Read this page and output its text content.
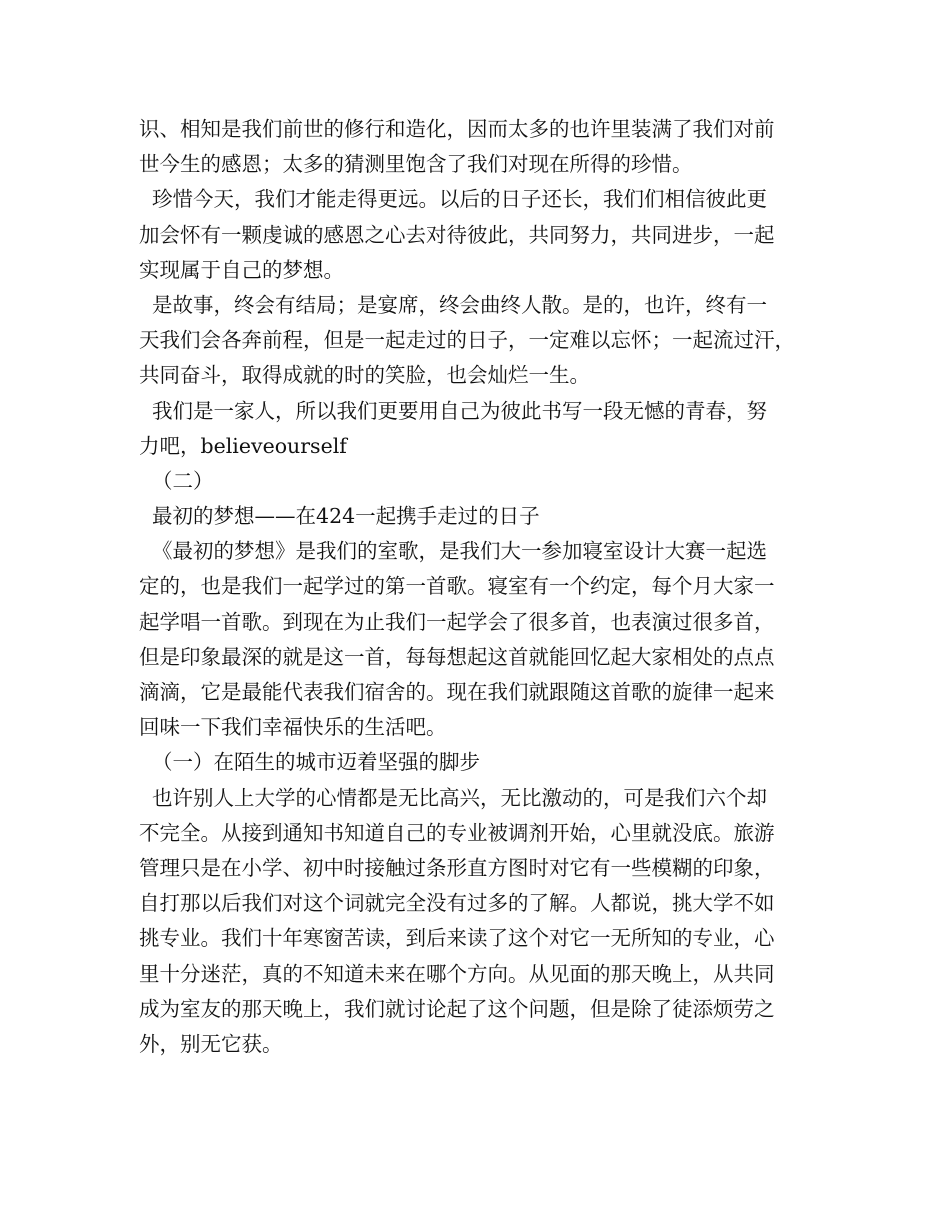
识、相知是我们前世的修行和造化，因而太多的也许里装满了我们对前
世今生的感恩；太多的猜测里饱含了我们对现在所得的珍惜。
珍惜今天，我们才能走得更远。以后的日子还长，我们们相信彼此更
加会怀有一颗虔诚的感恩之心去对待彼此，共同努力，共同进步，一起
实现属于自己的梦想。
是故事，终会有结局；是宴席，终会曲终人散。是的，也许，终有一
天我们会各奔前程，但是一起走过的日子，一定难以忘怀；一起流过汗，
共同奋斗，取得成就的时的笑脸，也会灿烂一生。
我们是一家人，所以我们更要用自己为彼此书写一段无憾的青春，努
力吧，believeourself
（二）
最初的梦想——在424一起携手走过的日子
《最初的梦想》是我们的室歌，是我们大一参加寝室设计大赛一起选
定的，也是我们一起学过的第一首歌。寝室有一个约定，每个月大家一
起学唱一首歌。到现在为止我们一起学会了很多首，也表演过很多首，
但是印象最深的就是这一首，每每想起这首就能回忆起大家相处的点点
滴滴，它是最能代表我们宿舍的。现在我们就跟随这首歌的旋律一起来
回味一下我们幸福快乐的生活吧。
（一）在陌生的城市迈着坚强的脚步
也许别人上大学的心情都是无比高兴，无比激动的，可是我们六个却
不完全。从接到通知书知道自己的专业被调剂开始，心里就没底。旅游
管理只是在小学、初中时接触过条形直方图时对它有一些模糊的印象，
自打那以后我们对这个词就完全没有过多的了解。人都说，挑大学不如
挑专业。我们十年寒窗苦读，到后来读了这个对它一无所知的专业，心
里十分迷茫，真的不知道未来在哪个方向。从见面的那天晚上，从共同
成为室友的那天晚上，我们就讨论起了这个问题，但是除了徒添烦劳之
外，别无它获。
